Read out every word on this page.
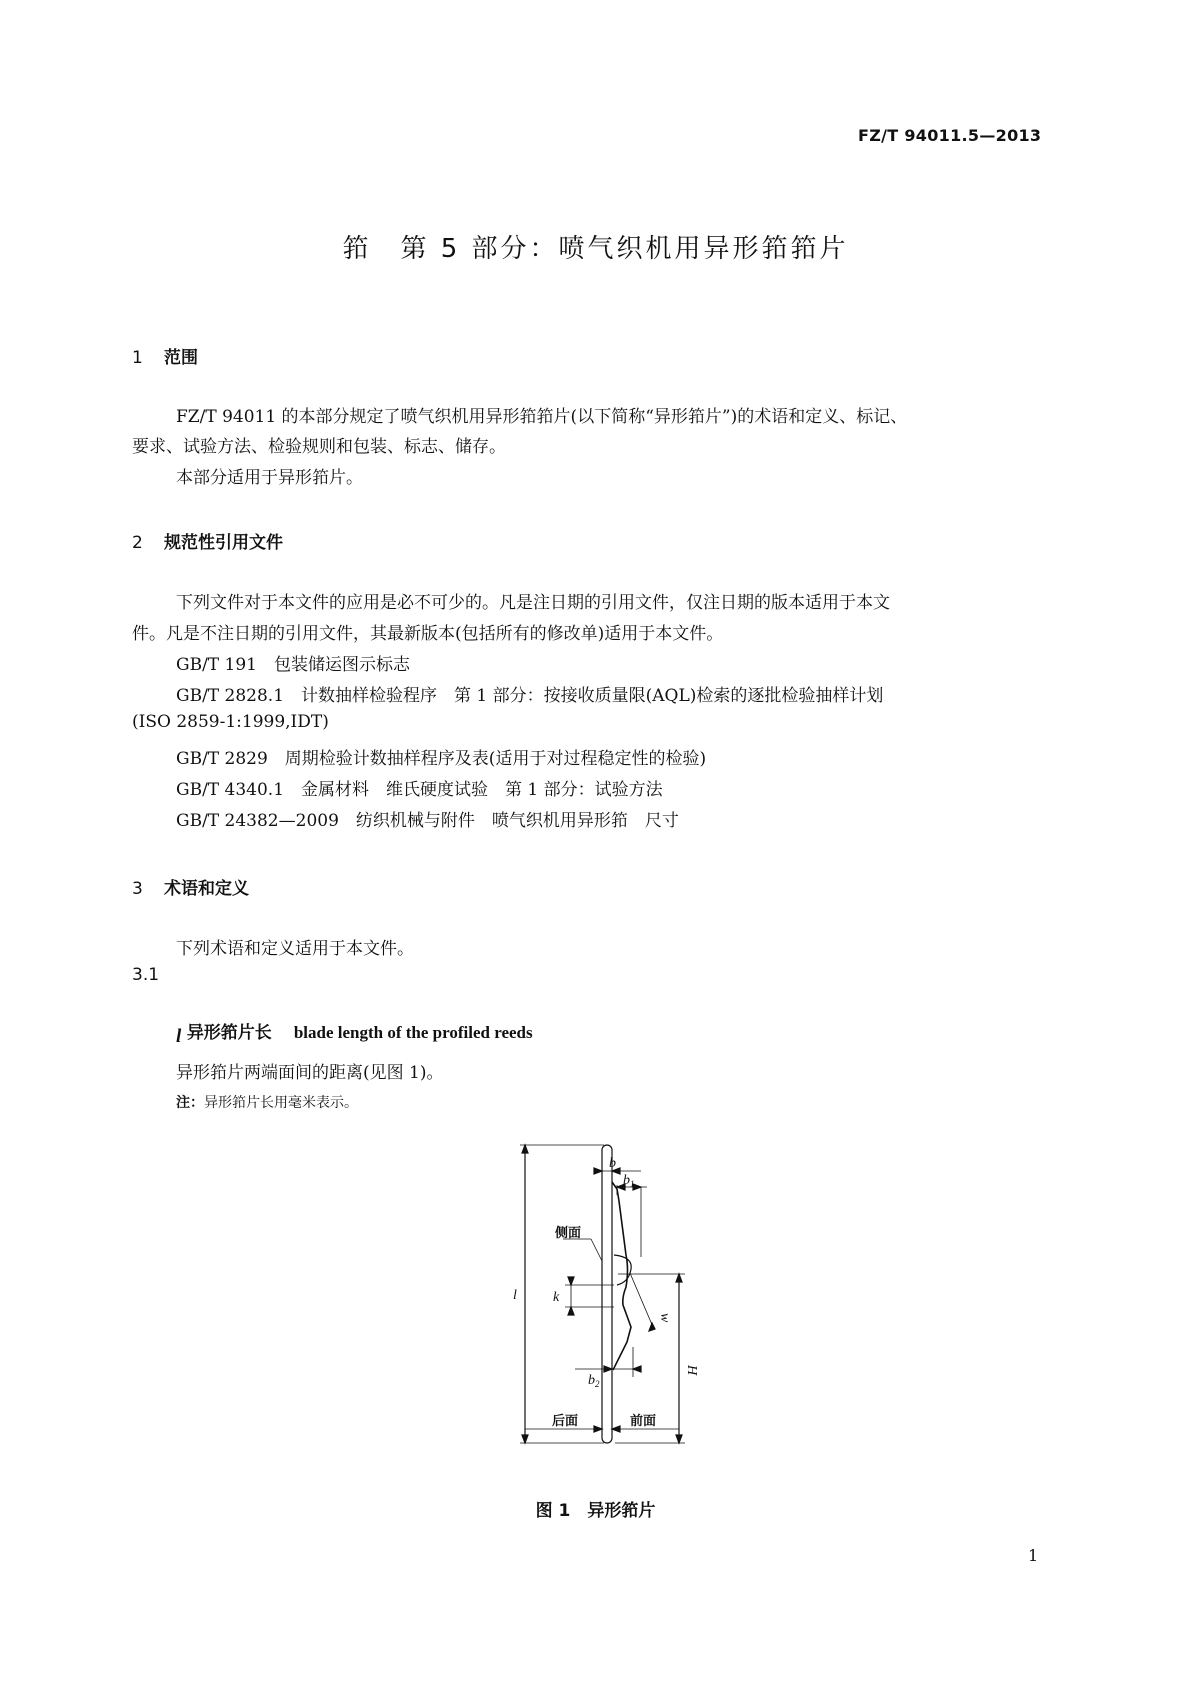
FZ/T 94011.5—2013
筘　第 5 部分：喷气织机用异形筘筘片
1 范围
FZ/T 94011 的本部分规定了喷气织机用异形筘筘片(以下简称“异形筘片”)的术语和定义、标记、
要求、试验方法、检验规则和包装、标志、储存。
本部分适用于异形筘片。
2 规范性引用文件
下列文件对于本文件的应用是必不可少的。凡是注日期的引用文件，仅注日期的版本适用于本文
件。凡是不注日期的引用文件，其最新版本(包括所有的修改单)适用于本文件。
GB/T 191　包装储运图示标志
GB/T 2828.1　计数抽样检验程序　第 1 部分：按接收质量限(AQL)检索的逐批检验抽样计划
(ISO 2859-1:1999,IDT)
GB/T 2829　周期检验计数抽样程序及表(适用于对过程稳定性的检验)
GB/T 4340.1　金属材料　维氏硬度试验　第 1 部分：试验方法
GB/T 24382—2009　纺织机械与附件　喷气织机用异形筘　尺寸
3 术语和定义
下列术语和定义适用于本文件。
3.1

异形筘片长 blade length of the profiled reeds

l
异形筘片两端面间的距离(见图 1)。
注：异形筘片长用毫米表示。
b
$b_1$
侧面
k
w
l
H
$b_2$
后面	前面
图 1　异形筘片
1
